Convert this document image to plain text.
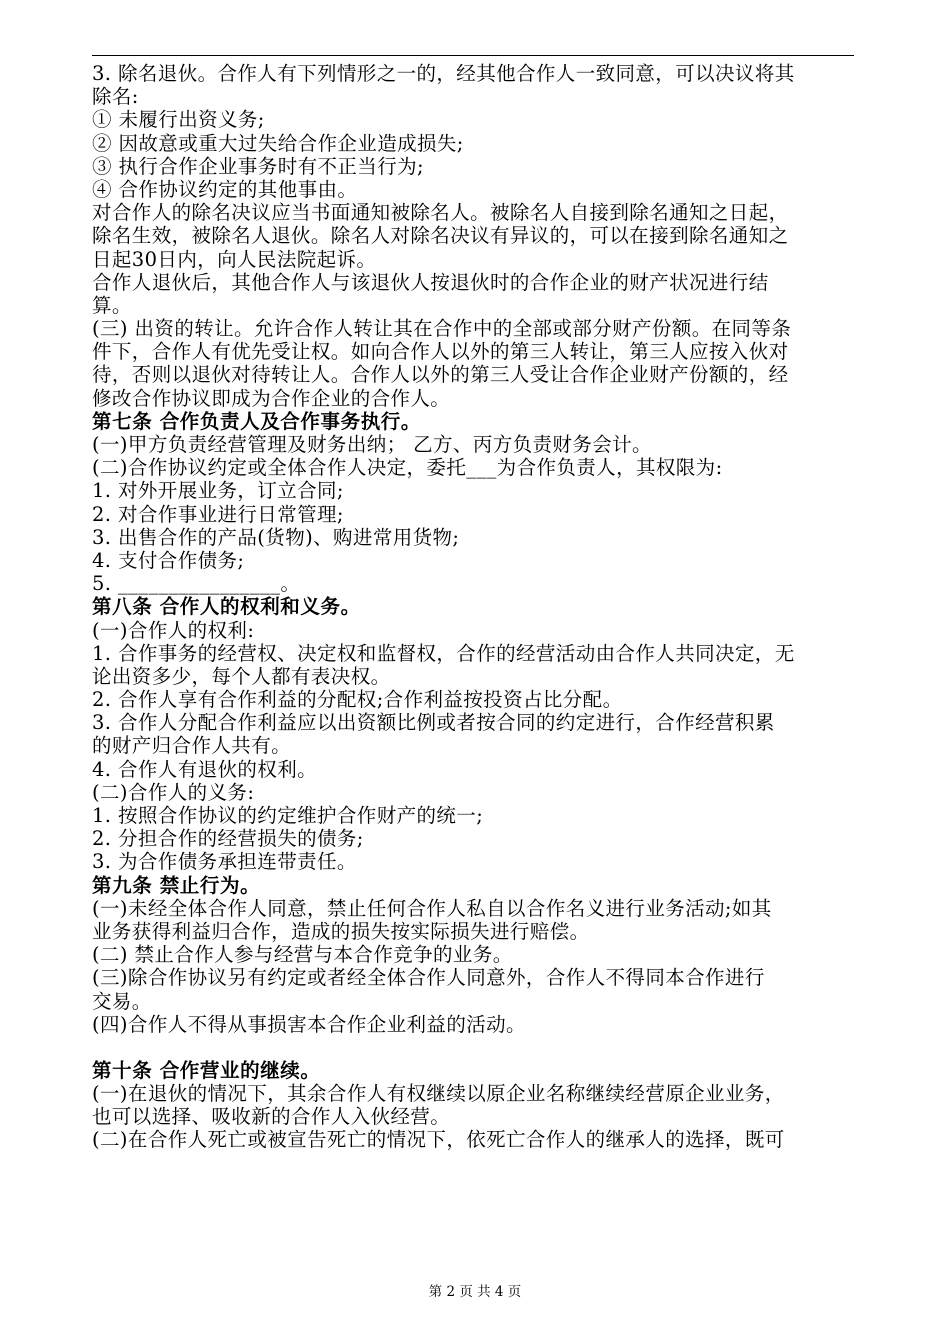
3. 除名退伙。合作人有下列情形之一的，经其他合作人一致同意，可以决议将其
除名:
① 未履行出资义务;
② 因故意或重大过失给合作企业造成损失;
③ 执行合作企业事务时有不正当行为;
④ 合作协议约定的其他事由。
对合作人的除名决议应当书面通知被除名人。被除名人自接到除名通知之日起，
除名生效，被除名人退伙。除名人对除名决议有异议的，可以在接到除名通知之
日起30日内，向人民法院起诉。
合作人退伙后，其他合作人与该退伙人按退伙时的合作企业的财产状况进行结
算。
(三) 出资的转让。允许合作人转让其在合作中的全部或部分财产份额。在同等条
件下，合作人有优先受让权。如向合作人以外的第三人转让，第三人应按入伙对
待，否则以退伙对待转让人。合作人以外的第三人受让合作企业财产份额的，经
修改合作协议即成为合作企业的合作人。
第七条 合作负责人及合作事务执行。
(一)甲方负责经营管理及财务出纳； 乙方、丙方负责财务会计。
(二)合作协议约定或全体合作人决定，委托___为合作负责人，其权限为:
1. 对外开展业务，订立合同;
2. 对合作事业进行日常管理;
3. 出售合作的产品(货物)、购进常用货物;
4. 支付合作债务;
5. ________________。
第八条 合作人的权利和义务。
(一)合作人的权利:
1. 合作事务的经营权、决定权和监督权，合作的经营活动由合作人共同决定，无
论出资多少，每个人都有表决权。
2. 合作人享有合作利益的分配权;合作利益按投资占比分配。
3. 合作人分配合作利益应以出资额比例或者按合同的约定进行，合作经营积累
的财产归合作人共有。
4. 合作人有退伙的权利。
(二)合作人的义务:
1. 按照合作协议的约定维护合作财产的统一;
2. 分担合作的经营损失的债务;
3. 为合作债务承担连带责任。
第九条 禁止行为。
(一)未经全体合作人同意，禁止任何合作人私自以合作名义进行业务活动;如其
业务获得利益归合作，造成的损失按实际损失进行赔偿。
(二) 禁止合作人参与经营与本合作竞争的业务。
(三)除合作协议另有约定或者经全体合作人同意外，合作人不得同本合作进行
交易。
(四)合作人不得从事损害本合作企业利益的活动。
第十条 合作营业的继续。
(一)在退伙的情况下，其余合作人有权继续以原企业名称继续经营原企业业务，
也可以选择、吸收新的合作人入伙经营。
(二)在合作人死亡或被宣告死亡的情况下，依死亡合作人的继承人的选择，既可
第 2 页 共 4 页
